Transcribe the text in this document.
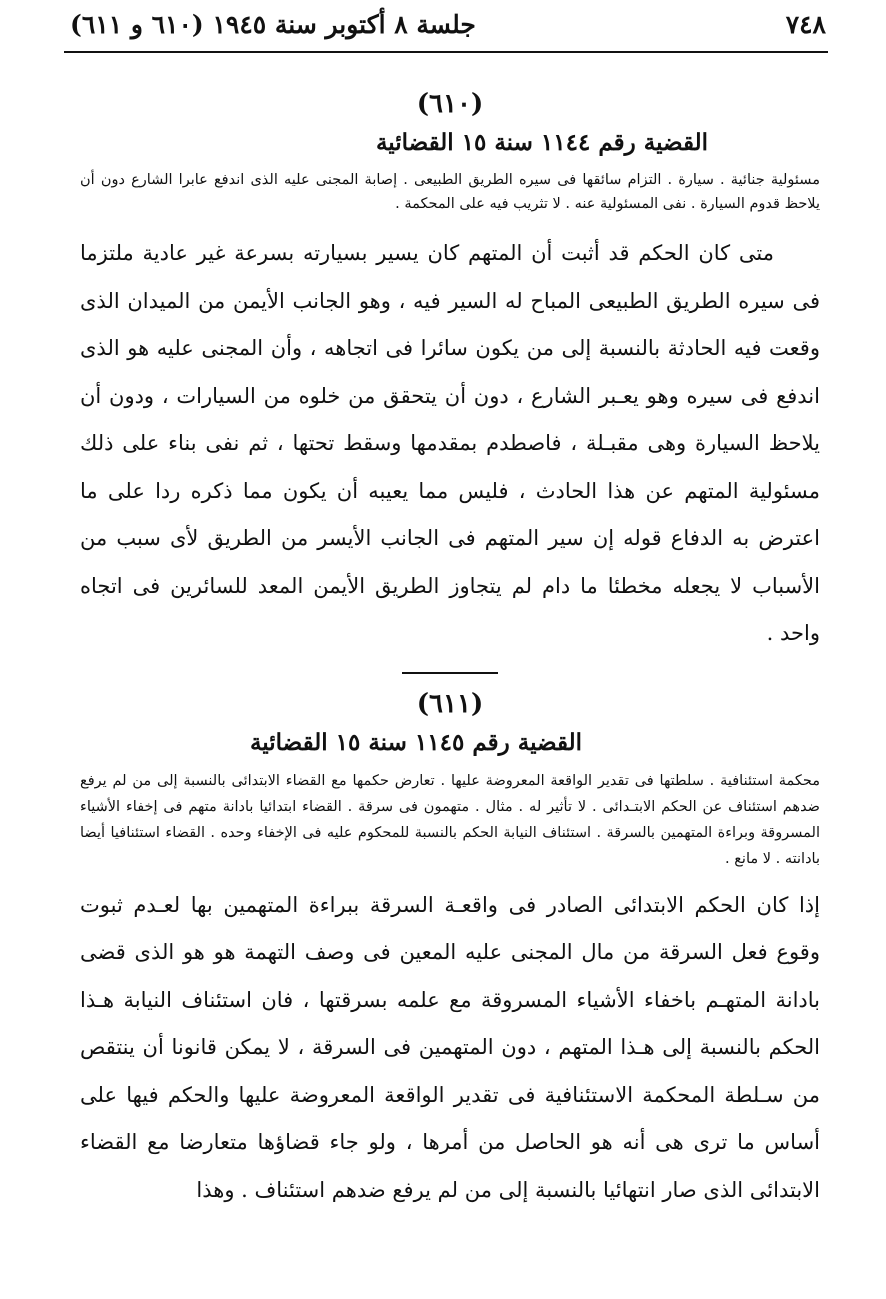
٧٤٨
جلسة ٨ أكتوبر سنة ١٩٤٥ (٦١٠ و ٦١١)
(٦١٠)
القضية رقم ١١٤٤ سنة ١٥ القضائية

مسئولية جنائية . سيارة . التزام سائقها فى سيره الطريق الطبيعى . إصابة المجنى عليه الذى اندفع عابرا الشارع دون أن يلاحظ قدوم السيارة . نفى المسئولية عنه . لا تثريب فيه على المحكمة .

متى كان الحكم قد أثبت أن المتهم كان يسير بسيارته بسرعة غير عادية ملتزما فى سيره الطريق الطبيعى المباح له السير فيه ، وهو الجانب الأيمن من الميدان الذى وقعت فيه الحادثة بالنسبة إلى من يكون سائرا فى اتجاهه ، وأن المجنى عليه هو الذى اندفع فى سيره وهو يعـبر الشارع ، دون أن يتحقق من خلوه من السيارات ، ودون أن يلاحظ السيارة وهى مقبـلة ، فاصطدم بمقدمها وسقط تحتها ، ثم نفى بناء على ذلك مسئولية المتهم عن هذا الحادث ، فليس مما يعيبه أن يكون مما ذكره ردا على ما اعترض به الدفاع قوله إن سير المتهم فى الجانب الأيسر من الطريق لأى سبب من الأسباب لا يجعله مخطئا ما دام لم يتجاوز الطريق الأيمن المعد للسائرين فى اتجاه واحد .

(٦١١)
القضية رقم ١١٤٥ سنة ١٥ القضائية

محكمة استئنافية . سلطتها فى تقدير الواقعة المعروضة عليها . تعارض حكمها مع القضاء الابتدائى بالنسبة إلى من لم يرفع ضدهم استئناف عن الحكم الابتـدائى . لا تأثير له . مثال . متهمون فى سرقة . القضاء ابتدائيا بادانة متهم فى إخفاء الأشياء المسروقة وبراءة المتهمين بالسرقة . استئناف النيابة الحكم بالنسبة للمحكوم عليه فى الإخفاء وحده . القضاء استئنافيا أيضا بادانته . لا مانع .

إذا كان الحكم الابتدائى الصادر فى واقعـة السرقة ببراءة المتهمين بها لعـدم ثبوت وقوع فعل السرقة من مال المجنى عليه المعين فى وصف التهمة هو هو الذى قضى بادانة المتهـم باخفاء الأشياء المسروقة مع علمه بسرقتها ، فان استئناف النيابة هـذا الحكم بالنسبة إلى هـذا المتهم ، دون المتهمين فى السرقة ، لا يمكن قانونا أن ينتقص من سـلطة المحكمة الاستئنافية فى تقدير الواقعة المعروضة عليها والحكم فيها على أساس ما ترى هى أنه هو الحاصل من أمرها ، ولو جاء قضاؤها متعارضا مع القضاء الابتدائى الذى صار انتهائيا بالنسبة إلى من لم يرفع ضدهم استئناف . وهذا
